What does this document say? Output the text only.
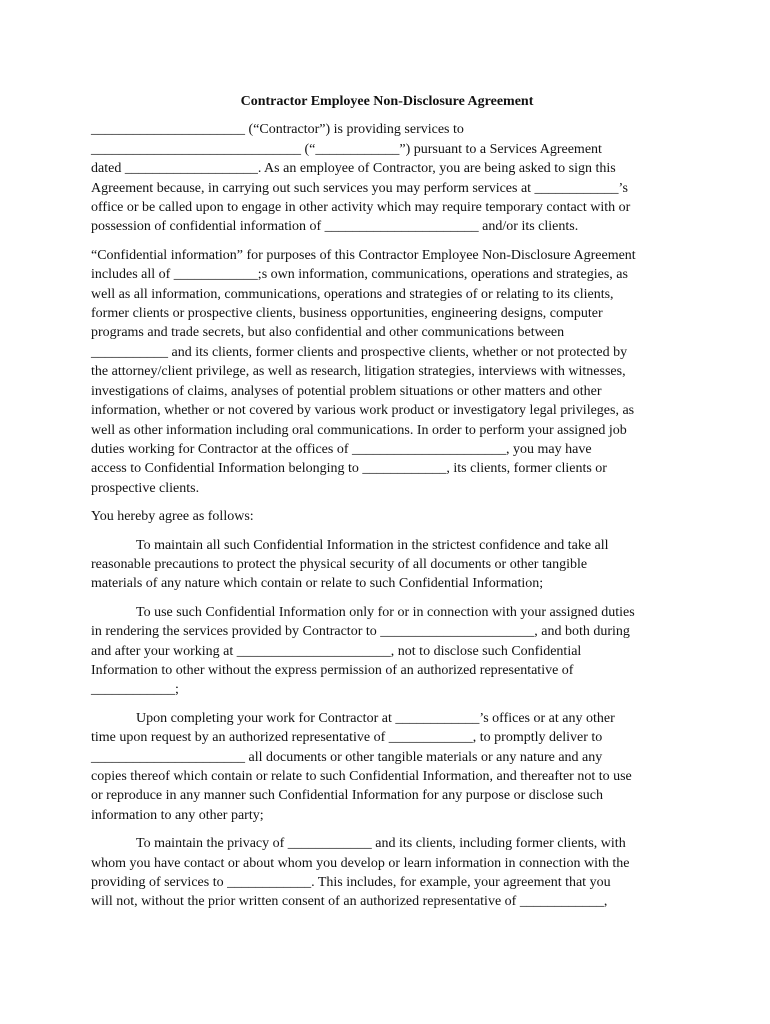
Contractor Employee Non-Disclosure Agreement
______________________ (“Contractor”) is providing services to
______________________________ (“____________”) pursuant to a Services Agreement
dated ___________________. As an employee of Contractor, you are being asked to sign this
Agreement because, in carrying out such services you may perform services at ____________’s
office or be called upon to engage in other activity which may require temporary contact with or
possession of confidential information of ______________________ and/or its clients.
“Confidential information” for purposes of this Contractor Employee Non-Disclosure Agreement
includes all of ____________;s own information, communications, operations and strategies, as
well as all information, communications, operations and strategies of or relating to its clients,
former clients or prospective clients, business opportunities, engineering designs, computer
programs and trade secrets, but also confidential and other communications between
___________ and its clients, former clients and prospective clients, whether or not protected by
the attorney/client privilege, as well as research, litigation strategies, interviews with witnesses,
investigations of claims, analyses of potential problem situations or other matters and other
information, whether or not covered by various work product or investigatory legal privileges, as
well as other information including oral communications. In order to perform your assigned job
duties working for Contractor at the offices of ______________________, you may have
access to Confidential Information belonging to ____________, its clients, former clients or
prospective clients.
You hereby agree as follows:
To maintain all such Confidential Information in the strictest confidence and take all
reasonable precautions to protect the physical security of all documents or other tangible
materials of any nature which contain or relate to such Confidential Information;
To use such Confidential Information only for or in connection with your assigned duties
in rendering the services provided by Contractor to ______________________, and both during
and after your working at ______________________, not to disclose such Confidential
Information to other without the express permission of an authorized representative of
____________;
Upon completing your work for Contractor at ____________’s offices or at any other
time upon request by an authorized representative of ____________, to promptly deliver to
______________________ all documents or other tangible materials or any nature and any
copies thereof which contain or relate to such Confidential Information, and thereafter not to use
or reproduce in any manner such Confidential Information for any purpose or disclose such
information to any other party;
To maintain the privacy of ____________ and its clients, including former clients, with
whom you have contact or about whom you develop or learn information in connection with the
providing of services to ____________. This includes, for example, your agreement that you
will not, without the prior written consent of an authorized representative of ____________,
